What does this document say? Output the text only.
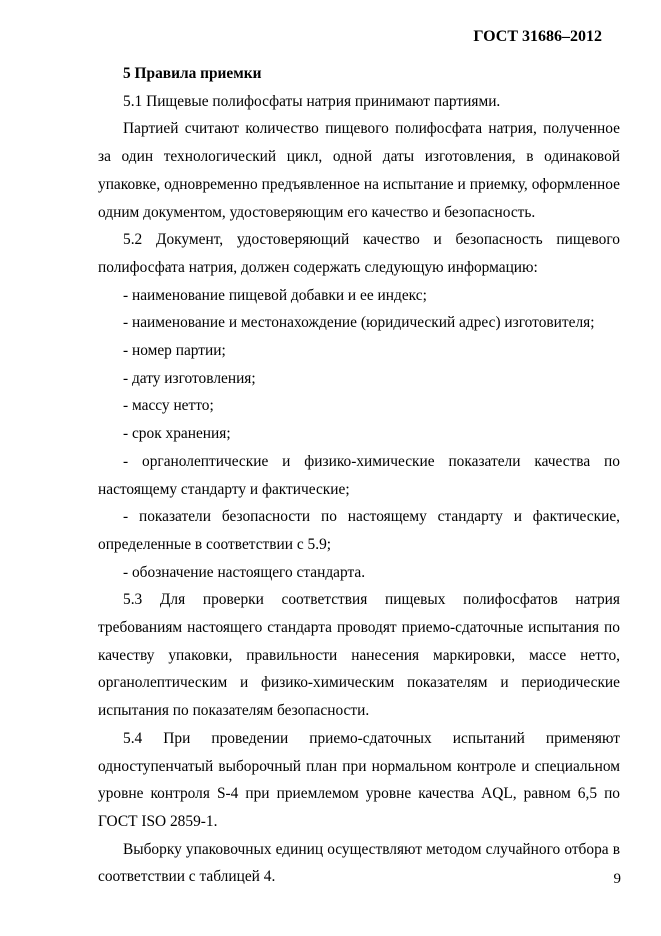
ГОСТ 31686–2012
5 Правила приемки

5.1 Пищевые полифосфаты натрия принимают партиями.

Партией считают количество пищевого полифосфата натрия, полученное за один технологический цикл, одной даты изготовления, в одинаковой упаковке, одновременно предъявленное на испытание и приемку, оформленное одним документом, удостоверяющим его качество и безопасность.

5.2 Документ, удостоверяющий качество и безопасность пищевого полифосфата натрия, должен содержать следующую информацию:

- наименование пищевой добавки и ее индекс;

- наименование и местонахождение (юридический адрес) изготовителя;

- номер партии;

- дату изготовления;

- массу нетто;

- срок хранения;

- органолептические и физико-химические показатели качества по настоящему стандарту и фактические;

- показатели безопасности по настоящему стандарту и фактические, определенные в соответствии с 5.9;

- обозначение настоящего стандарта.

5.3 Для проверки соответствия пищевых полифосфатов натрия требованиям настоящего стандарта проводят приемо-сдаточные испытания по качеству упаковки, правильности нанесения маркировки, массе нетто, органолептическим и физико-химическим показателям и периодические испытания по показателям безопасности.

5.4 При проведении приемо-сдаточных испытаний применяют одноступенчатый выборочный план при нормальном контроле и специальном уровне контроля S-4 при приемлемом уровне качества AQL, равном 6,5 по ГОСТ ISO 2859-1.

Выборку упаковочных единиц осуществляют методом случайного отбора в соответствии с таблицей 4.	9
